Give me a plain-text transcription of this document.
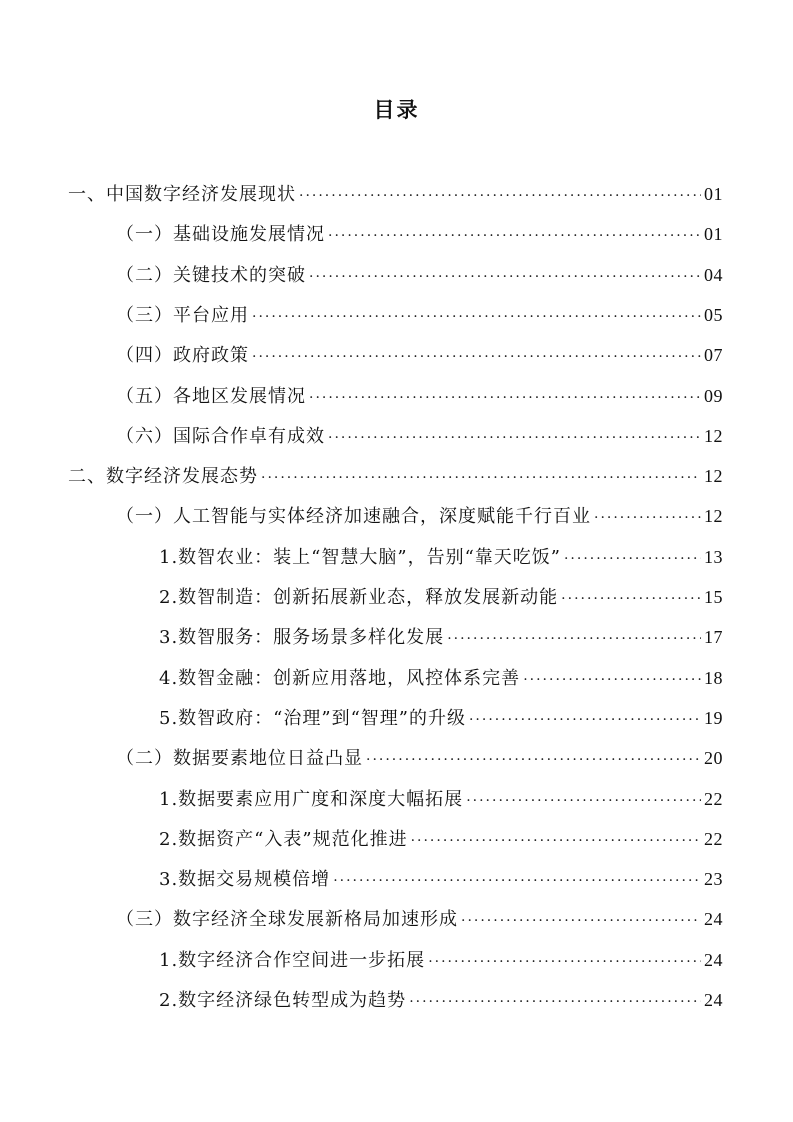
目录
一、中国数字经济发展现状 ·····	01
（一）基础设施发展情况 ·····	01
（二）关键技术的突破 ·····	04
（三）平台应用 ·····	05
（四）政府政策 ·····	07
（五）各地区发展情况 ·····	09
（六）国际合作卓有成效 ·····	12
二、数字经济发展态势 ·····	12
（一）人工智能与实体经济加速融合，深度赋能千行百业 ·····	12
1.数智农业：装上“智慧大脑”，告别“靠天吃饭” ·····	13
2.数智制造：创新拓展新业态，释放发展新动能 ·····	15
3.数智服务：服务场景多样化发展 ·····	17
4.数智金融：创新应用落地，风控体系完善 ·····	18
5.数智政府：“治理”到“智理”的升级 ·····	19
（二）数据要素地位日益凸显 ·····	20
1.数据要素应用广度和深度大幅拓展 ·····	22
2.数据资产“入表”规范化推进 ·····	22
3.数据交易规模倍增 ·····	23
（三）数字经济全球发展新格局加速形成 ·····	24
1.数字经济合作空间进一步拓展 ·····	24
2.数字经济绿色转型成为趋势 ·····	24
